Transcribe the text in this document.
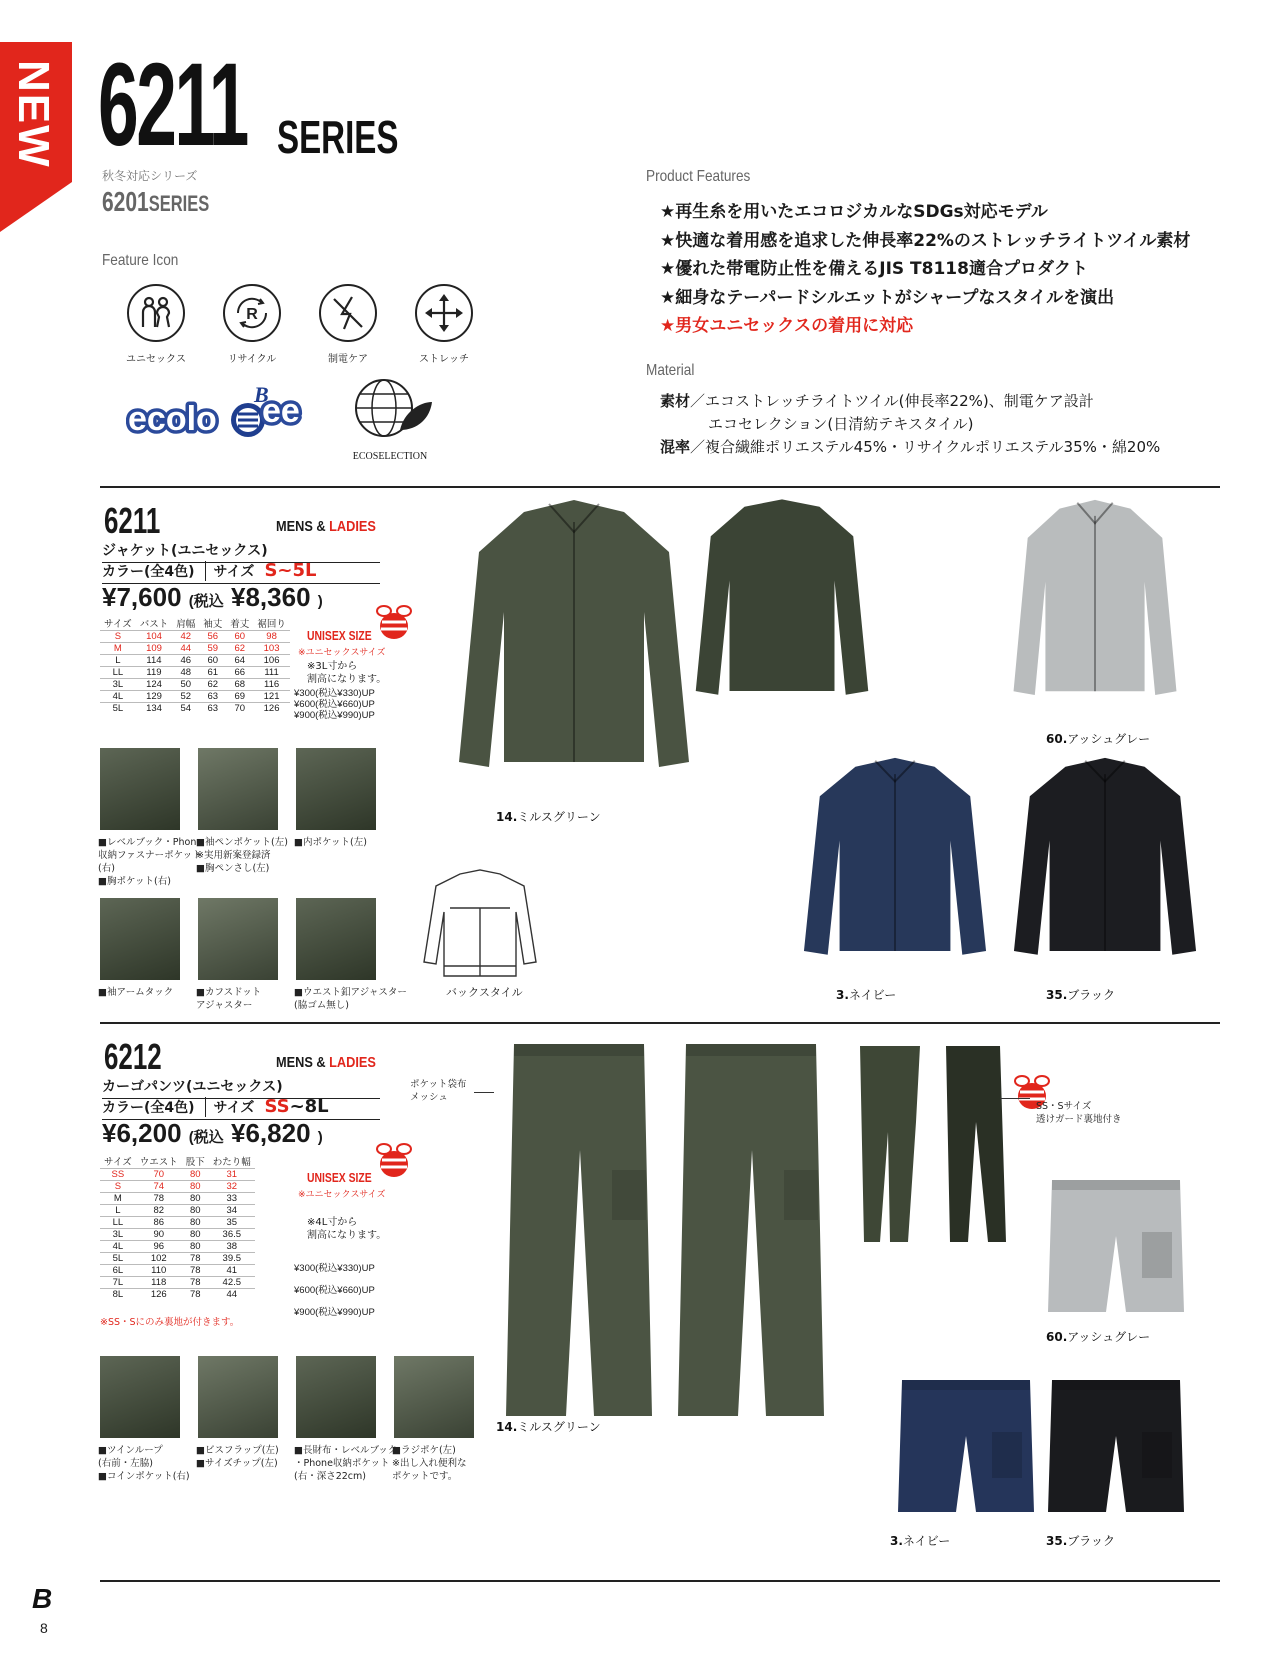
NEW 6211 SERIES
秋冬対応シリーズ
6201SERIES
Feature Icon
ユニセックス
R
リサイクル	制電ケア	ストレッチ
ecolo ee
B
ECOSELECTION
Product Features
★再生糸を用いたエコロジカルなSDGs対応モデル
★快適な着用感を追求した伸長率22%のストレッチライトツイル素材
★優れた帯電防止性を備えるJIS T8118適合プロダクト
★細身なテーパードシルエットがシャープなスタイルを演出
★男女ユニセックスの着用に対応
Material
素材／エコストレッチライトツイル(伸長率22%)、制電ケア設計
エコセレクション(日清紡テキスタイル)
混率／複合繊維ポリエステル45%・リサイクルポリエステル35%・綿20%
6211	MENS & LADIES
ジャケット(ユニセックス)
カラー(全4色)	サイズ S~5L
¥7,600 (税込 ¥8,360 )
サイズ	バスト	肩幅	袖丈	着丈	裾回り
S	104	42	56	60	98
M	109	44	59	62	103
L	114	46	60	64	106
LL	119	48	61	66	111
3L	124	50	62	68	116
4L	129	52	63	69	121
5L	134	54	63	70	126
UNISEX SIZE
※ユニセックスサイズ
※3L寸から
割高になります。
¥300(税込¥330)UP
¥600(税込¥660)UP
¥900(税込¥990)UP
■レベルブック・Phone
収納ファスナーポケット
(右)
■胸ポケット(右)
■袖ペンポケット(左)
※実用新案登録済
■胸ペンさし(左)
■内ポケット(左)
■袖アームタック ■カフスドット
アジャスター
■ウエスト釦アジャスター
(脇ゴム無し)
バックスタイル
14.ミルスグリーン
60.アッシュグレー
3.ネイビー	35.ブラック
6212	MENS & LADIES
カーゴパンツ(ユニセックス)
カラー(全4色)	サイズ SS~8L
¥6,200 (税込 ¥6,820 )
サイズ	ウエスト	股下	わたり幅
SS	70	80	31
S	74	80	32
M	78	80	33
L	82	80	34
LL	86	80	35
3L	90	80	36.5
4L	96	80	38
5L	102	78	39.5
6L	110	78	41
7L	118	78	42.5
8L	126	78	44
※SS・Sにのみ裏地が付きます。
UNISEX SIZE
※ユニセックスサイズ
※4L寸から
割高になります。
¥300(税込¥330)UP
¥600(税込¥660)UP
¥900(税込¥990)UP
■ツインループ
(右前・左脇)
■コインポケット(右)
■ビスフラップ(左)
■サイズチップ(左)
■長財布・レベルブック
・Phone収納ポケット
(右・深さ22cm)
■ラジポケ(左)
※出し入れ便利な
ポケットです。
ポケット袋布
メッシュ
14.ミルスグリーン
SS・Sサイズ
透けガード裏地付き
60.アッシュグレー
3.ネイビー	35.ブラック
B
8
